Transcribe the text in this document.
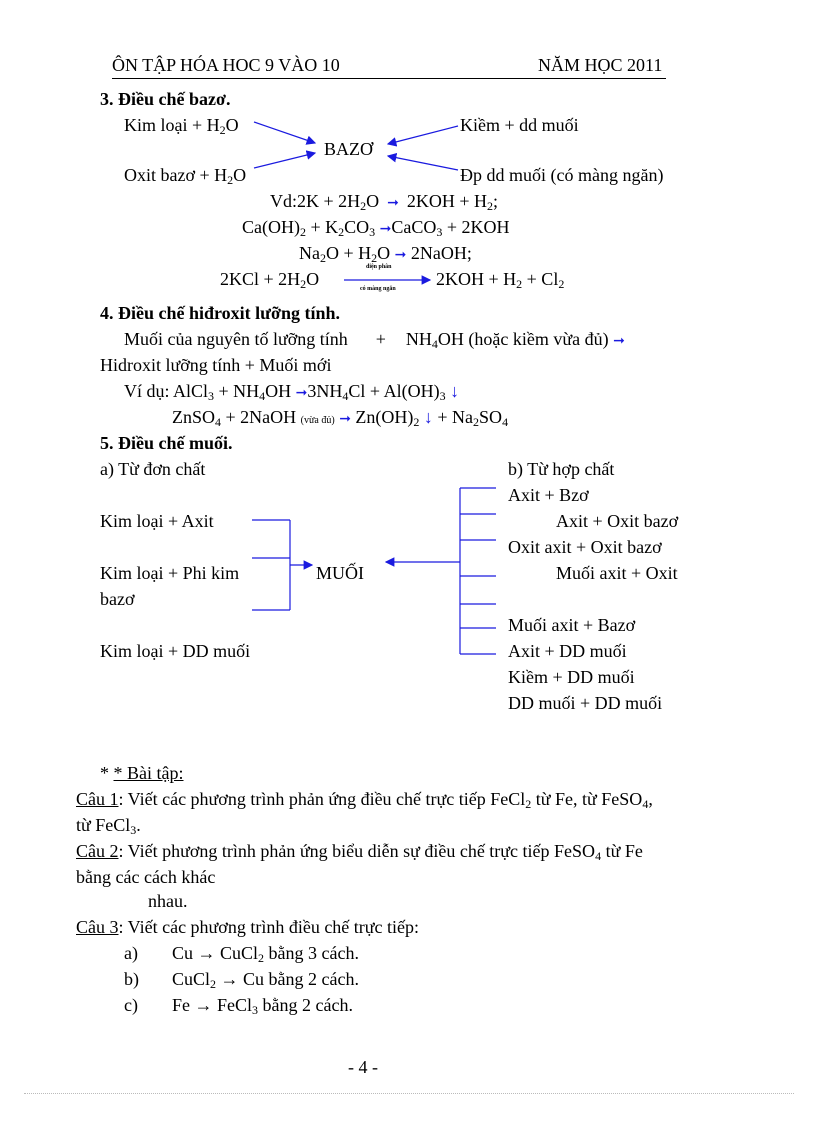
ÔN TẬP HÓA HOC 9 VÀO 10	NĂM HỌC 2011
3. Điều chế bazơ.
Kim loại + $H_2O$
BAZƠ
Kiềm + dd muối
Oxit bazơ + $H_2O$	Đp dd muối (có màng ngăn)
Vd:2K + $2H_2O$  ➞  $2KOH + H_2$;
$Ca(OH)_2 + K_2CO_3$ ➞CaCO$_3$ + 2KOH
$Na_2O + H_2O$ ➞ 2NaOH;
$2KCl + 2H_2O$
điện phân
có màng ngăn $2KOH + H_2 + Cl_2$
4. Điều chế hiđroxit lưỡng tính.
Muối của nguyên tố lưỡng tính + $NH_4OH$ (hoặc kiềm vừa đủ) ➞
Hidroxit lưỡng tính + Muối mới
Ví dụ: AlCl$_3$ + $NH_4OH$ $➞3NH_4Cl + Al(OH)_3$ ↓
ZnSO$_4$ + 2NaOH (vừa đủ) ➞ $Zn(OH)_2$ ↓ + $Na_2SO_4$
5. Điều chế muối.
a) Từ đơn chất	b) Từ hợp chất
Kim loại + Axit
Kim loại + Phi kim
bazơ
Kim loại + DD muối
MUỐI
Axit + Bzơ
Axit + Oxit bazơ
Oxit axit + Oxit bazơ
Muối axit + Oxit
Muối axit + Bazơ
Axit + DD muối
Kiềm + DD muối
DD muối + DD muối
* * Bài tập:
Câu 1: Viết các phương trình phản ứng điều chế trực tiếp FeCl$_2$ từ Fe, từ FeSO$_4$,
từ FeCl$_3$.
Câu 2: Viết phương trình phản ứng biểu diễn sự điều chế trực tiếp FeSO$_4$ từ Fe
bằng các cách khác
nhau.
Câu 3: Viết các phương trình điều chế trực tiếp:
a) Cu → CuCl$_2$ bằng 3 cách.
b) CuCl$_2$ → Cu bằng 2 cách.
c) Fe → FeCl$_3$ bằng 2 cách.
- 4 -
